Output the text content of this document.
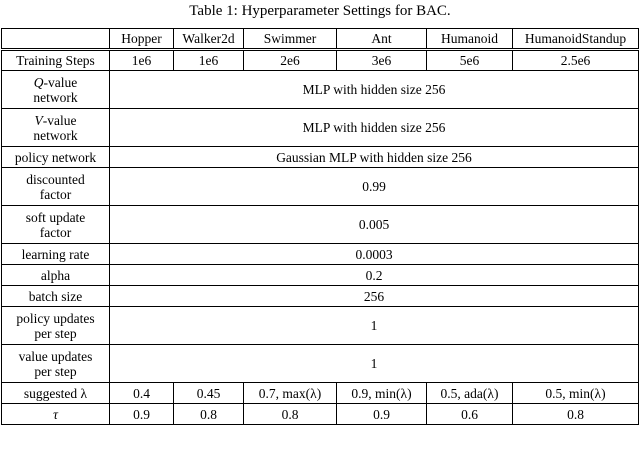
Table 1: Hyperparameter Settings for BAC.
	Hopper	Walker2d	Swimmer	Ant	Humanoid	HumanoidStandup
Training Steps	1e6	1e6	2e6	3e6	5e6	2.5e6
Q-value
network	MLP with hidden size 256					
V-value
network	MLP with hidden size 256					
policy network	Gaussian MLP with hidden size 256					
discounted
factor	0.99					
soft update
factor	0.005					
learning rate	0.0003					
alpha	0.2					
batch size	256					
policy updates
per step	1					
value updates
per step	1					
suggested λ	0.4	0.45	0.7, max(λ)	0.9, min(λ)	0.5, ada(λ)	0.5, min(λ)
τ	0.9	0.8	0.8	0.9	0.6	0.8
